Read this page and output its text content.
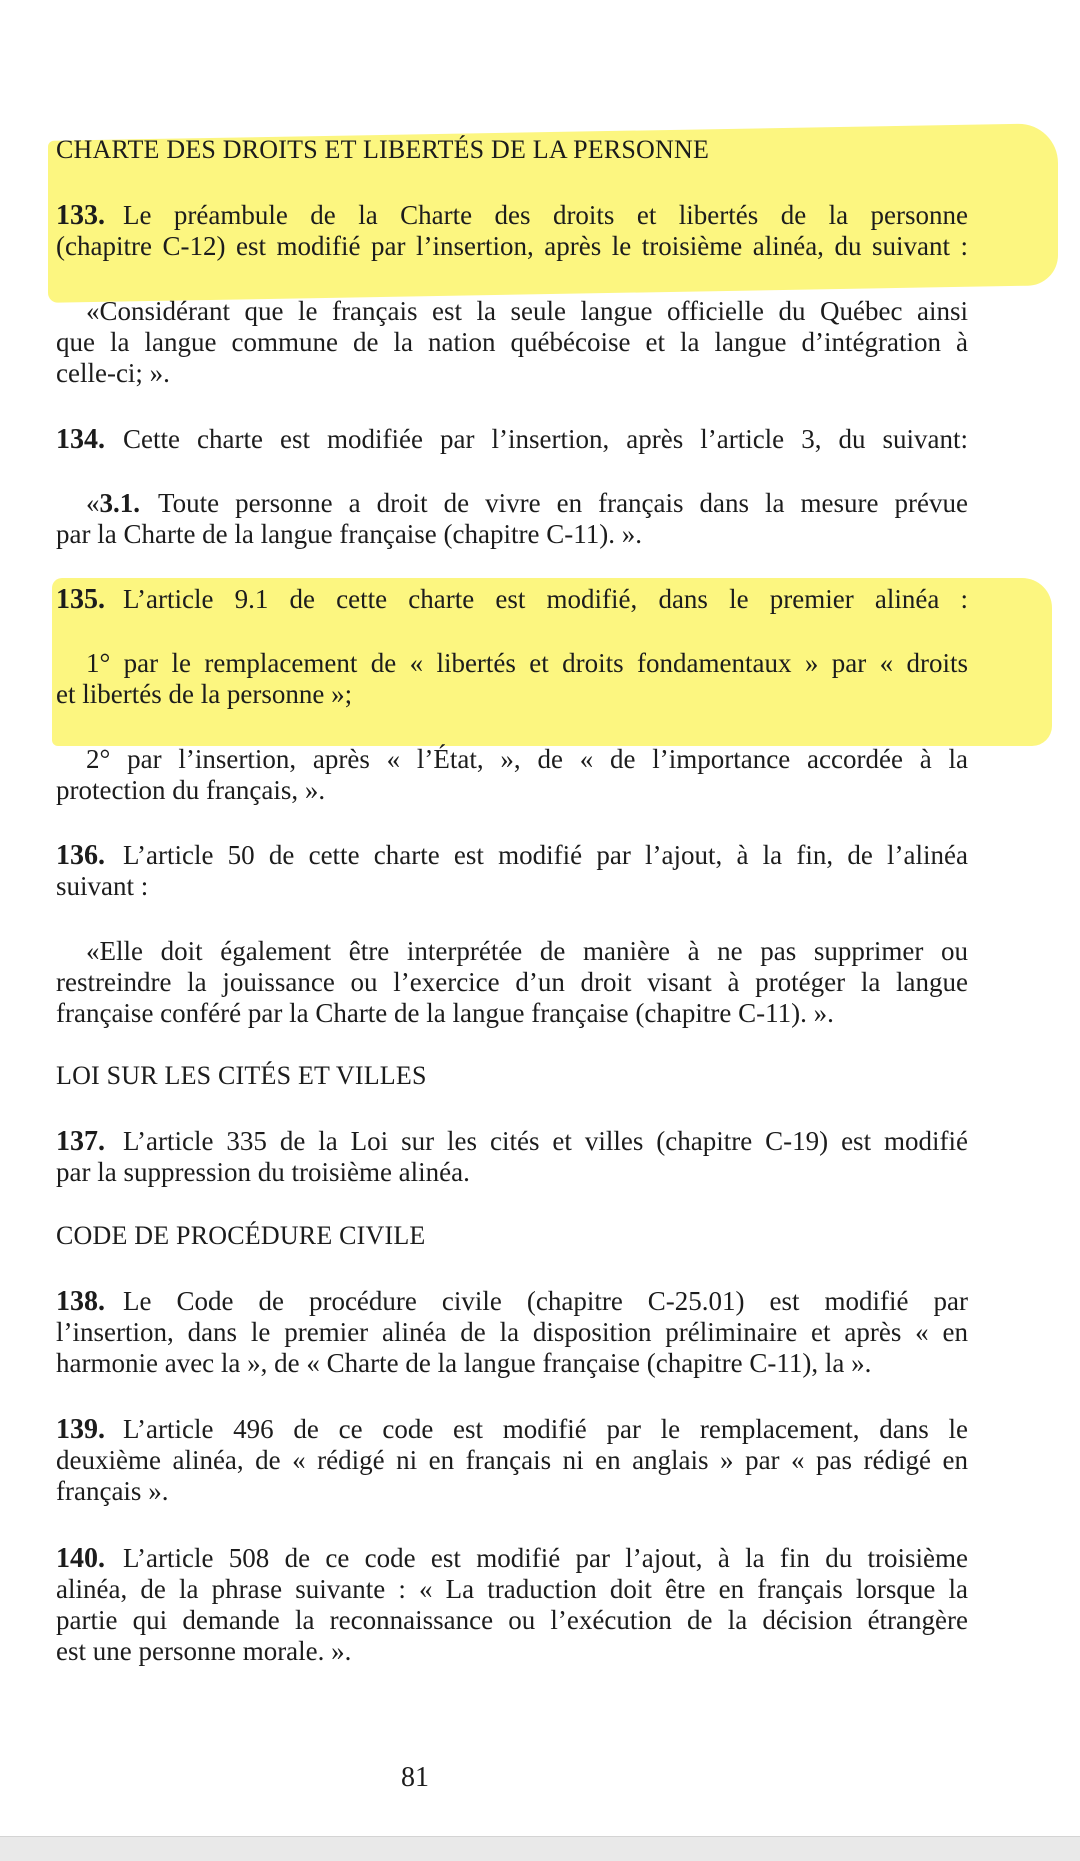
CHARTE DES DROITS ET LIBERTÉS DE LA PERSONNE
133. Le préambule de la Charte des droits et libertés de la personne
(chapitre C-12) est modifié par l’insertion, après le troisième alinéa, du suivant :
«Considérant que le français est la seule langue officielle du Québec ainsi
que la langue commune de la nation québécoise et la langue d’intégration à
celle-ci; ».
134. Cette charte est modifiée par l’insertion, après l’article 3, du suivant:
«3.1. Toute personne a droit de vivre en français dans la mesure prévue
par la Charte de la langue française (chapitre C-11). ».
135. L’article 9.1 de cette charte est modifié, dans le premier alinéa :
1° par le remplacement de « libertés et droits fondamentaux » par « droits
et libertés de la personne »;
2° par l’insertion, après « l’État, », de « de l’importance accordée à la
protection du français, ».
136. L’article 50 de cette charte est modifié par l’ajout, à la fin, de l’alinéa
suivant :
«Elle doit également être interprétée de manière à ne pas supprimer ou
restreindre la jouissance ou l’exercice d’un droit visant à protéger la langue
française conféré par la Charte de la langue française (chapitre C-11). ».
LOI SUR LES CITÉS ET VILLES
137. L’article 335 de la Loi sur les cités et villes (chapitre C-19) est modifié
par la suppression du troisième alinéa.
CODE DE PROCÉDURE CIVILE
138. Le Code de procédure civile (chapitre C-25.01) est modifié par
l’insertion, dans le premier alinéa de la disposition préliminaire et après « en
harmonie avec la », de « Charte de la langue française (chapitre C-11), la ».
139. L’article 496 de ce code est modifié par le remplacement, dans le
deuxième alinéa, de « rédigé ni en français ni en anglais » par « pas rédigé en
français ».
140. L’article 508 de ce code est modifié par l’ajout, à la fin du troisième
alinéa, de la phrase suivante : « La traduction doit être en français lorsque la
partie qui demande la reconnaissance ou l’exécution de la décision étrangère
est une personne morale. ».
81
